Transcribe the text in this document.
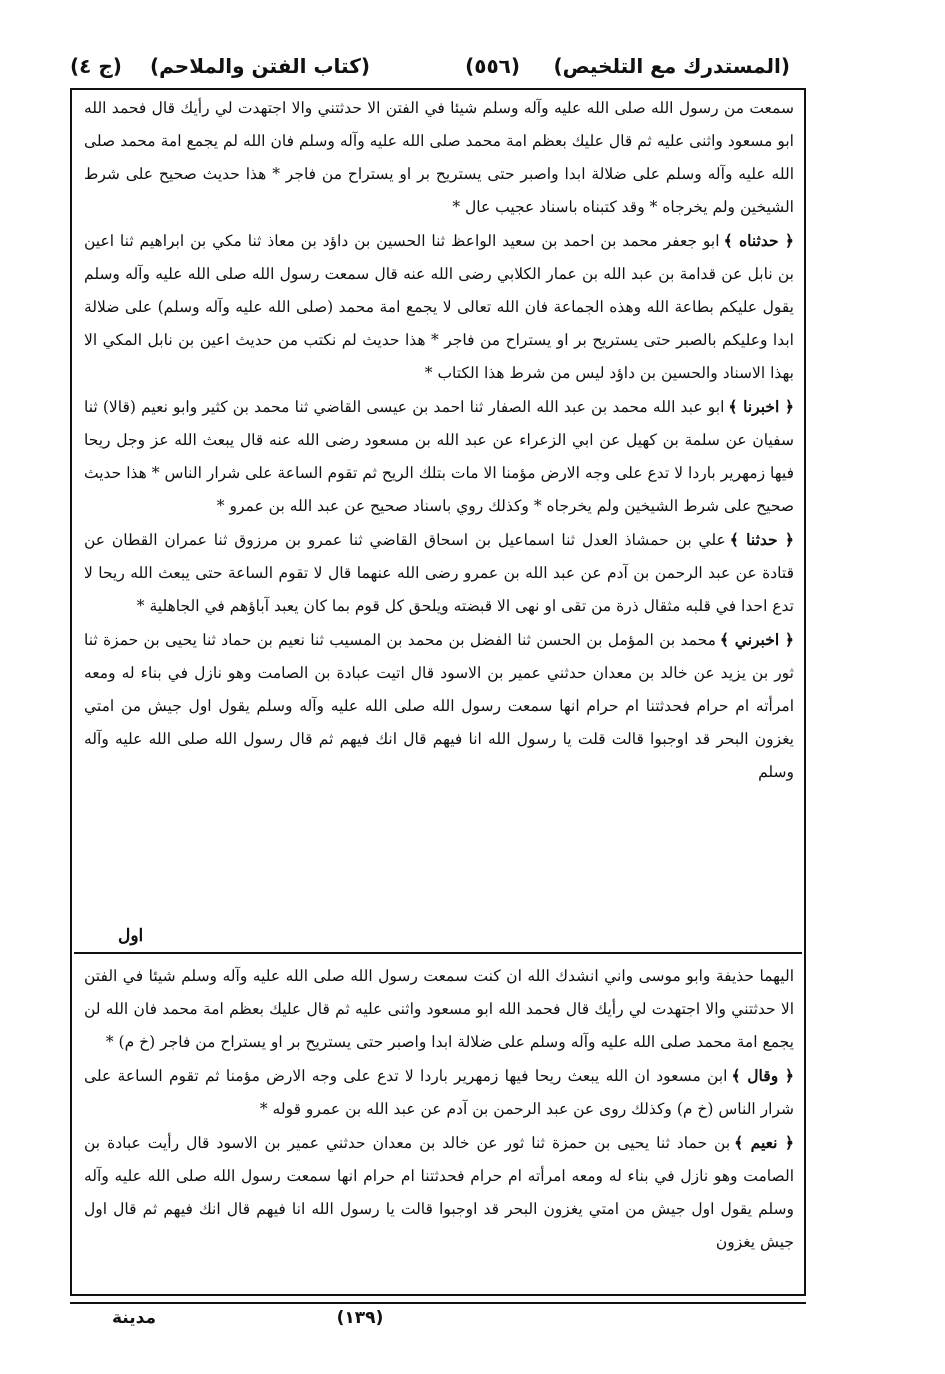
(المستدرك مع التلخيص)
(٥٥٦)
(كتاب الفتن والملاحم)
(ج ٤)

سمعت من رسول الله صلى الله عليه وآله وسلم شيئا في الفتن الا حدثتني والا اجتهدت لي رأيك قال فحمد الله ابو مسعود واثنى عليه ثم قال عليك بعظم امة محمد صلى الله عليه وآله وسلم فان الله لم يجمع امة محمد صلى الله عليه وآله وسلم على ضلالة ابدا واصبر حتى يستريح بر او يستراح من فاجر * هذا حديث صحيح على شرط الشيخين ولم يخرجاه * وقد كتبناه باسناد عجيب عال *

﴿ حدثناه ﴾ابو جعفر محمد بن احمد بن سعيد الواعظ ثنا الحسين بن داؤد بن معاذ ثنا مكي بن ابراهيم ثنا اعين بن نابل عن قدامة بن عبد الله بن عمار الكلابي رضى الله عنه قال سمعت رسول الله صلى الله عليه وآله وسلم يقول عليكم بطاعة الله وهذه الجماعة فان الله تعالى لا يجمع امة محمد (صلى الله عليه وآله وسلم) على ضلالة ابدا وعليكم بالصبر حتى يستريح بر او يستراح من فاجر * هذا حديث لم نكتب من حديث اعين بن نابل المكي الا بهذا الاسناد والحسين بن داؤد ليس من شرط هذا الكتاب *

﴿ اخبرنا ﴾ابو عبد الله محمد بن عبد الله الصفار ثنا احمد بن عيسى القاضي ثنا محمد بن كثير وابو نعيم (قالا) ثنا سفيان عن سلمة بن كهيل عن ابي الزعراء عن عبد الله بن مسعود رضى الله عنه قال يبعث الله عز وجل ريحا فيها زمهرير باردا لا تدع على وجه الارض مؤمنا الا مات بتلك الريح ثم تقوم الساعة على شرار الناس * هذا حديث صحيح على شرط الشيخين ولم يخرجاه * وكذلك روي باسناد صحيح عن عبد الله بن عمرو *

﴿ حدثنا ﴾علي بن حمشاذ العدل ثنا اسماعيل بن اسحاق القاضي ثنا عمرو بن مرزوق ثنا عمران القطان عن قتادة عن عبد الرحمن بن آدم عن عبد الله بن عمرو رضى الله عنهما قال لا تقوم الساعة حتى يبعث الله ريحا لا تدع احدا في قلبه مثقال ذرة من تقى او نهى الا قبضته ويلحق كل قوم بما كان يعبد آباؤهم في الجاهلية *

﴿ اخبرني ﴾محمد بن المؤمل بن الحسن ثنا الفضل بن محمد بن المسيب ثنا نعيم بن حماد ثنا يحيى بن حمزة ثنا ثور بن يزيد عن خالد بن معدان حدثني عمير بن الاسود قال اتيت عبادة بن الصامت وهو نازل في بناء له ومعه امرأته ام حرام فحدثتنا ام حرام انها سمعت رسول الله صلى الله عليه وآله وسلم يقول اول جيش من امتي يغزون البحر قد اوجبوا قالت قلت يا رسول الله انا فيهم قال انك فيهم ثم قال رسول الله صلى الله عليه وآله وسلم

اول

اليهما حذيفة وابو موسى واني انشدك الله ان كنت سمعت رسول الله صلى الله عليه وآله وسلم شيئا في الفتن الا حدثتني والا اجتهدت لي رأيك قال فحمد الله ابو مسعود واثنى عليه ثم قال عليك بعظم امة محمد فان الله لن يجمع امة محمد صلى الله عليه وآله وسلم على ضلالة ابدا واصبر حتى يستريح بر او يستراح من فاجر (خ م) *

﴿ وقال ﴾ابن مسعود ان الله يبعث ريحا فيها زمهرير باردا لا تدع على وجه الارض مؤمنا ثم تقوم الساعة على شرار الناس (خ م) وكذلك روى عن عبد الرحمن بن آدم عن عبد الله بن عمرو قوله *

﴿ نعيم ﴾بن حماد ثنا يحيى بن حمزة ثنا ثور عن خالد بن معدان حدثني عمير بن الاسود قال رأيت عبادة بن الصامت وهو نازل في بناء له ومعه امرأته ام حرام فحدثتنا ام حرام انها سمعت رسول الله صلى الله عليه وآله وسلم يقول اول جيش من امتي يغزون البحر قد اوجبوا قالت يا رسول الله انا فيهم قال انك فيهم ثم قال اول جيش يغزون

(١٣٩)
مدينة
